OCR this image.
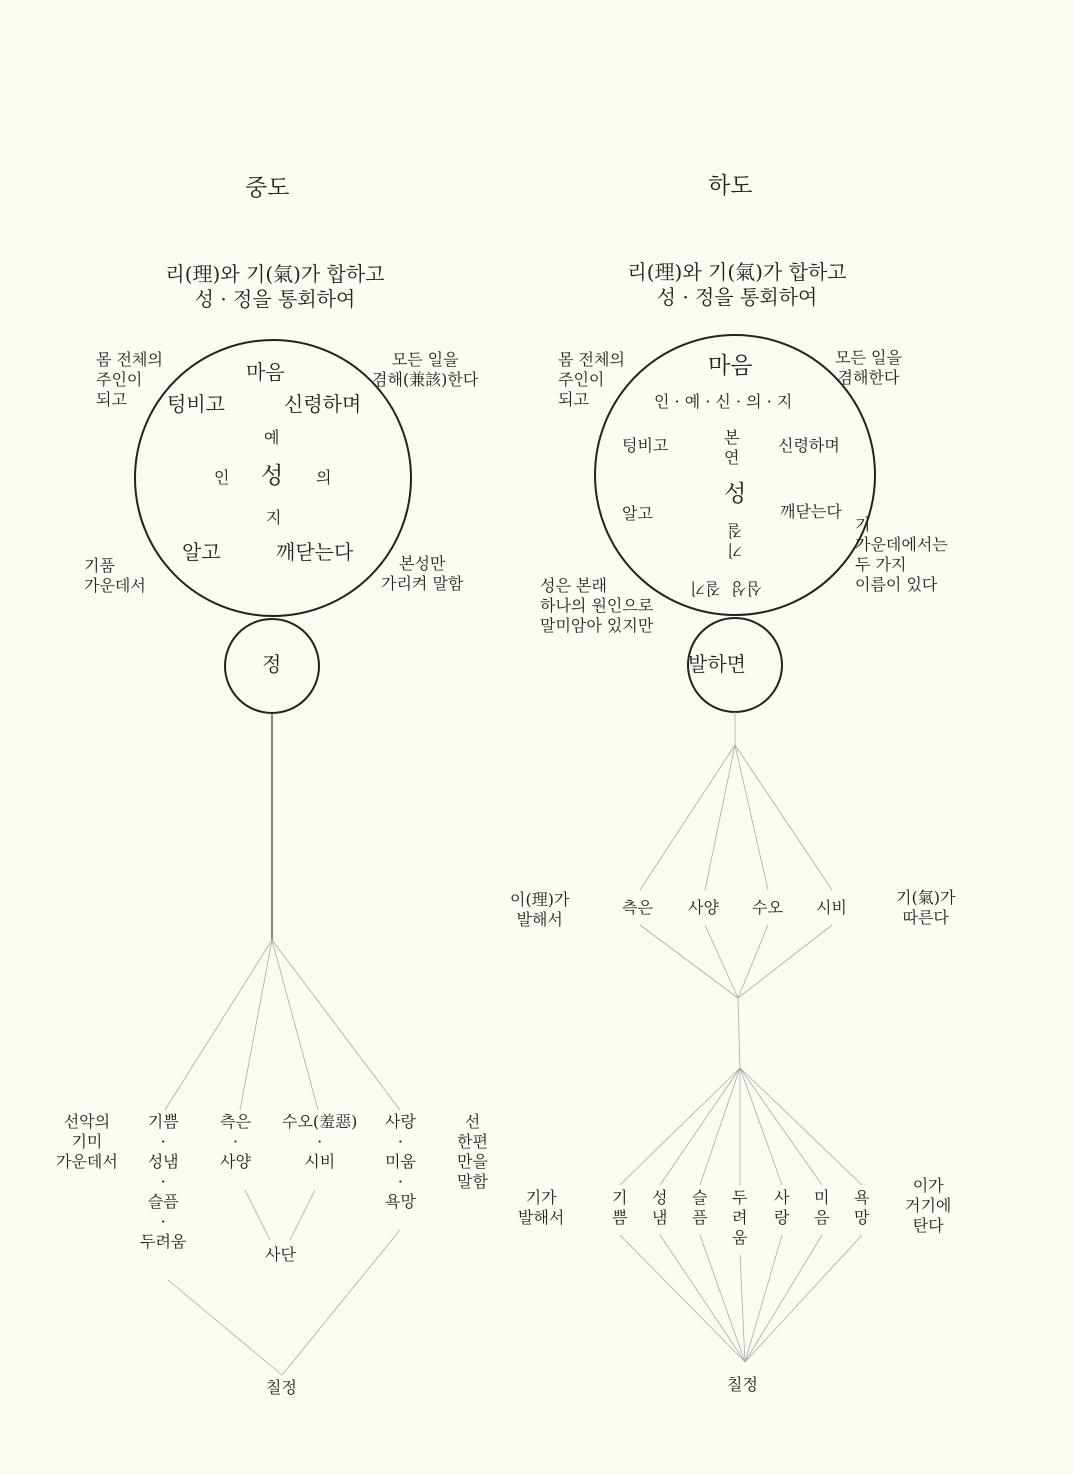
중도
리(理)와 기(氣)가 합하고
성 · 정을 통회하여
몸 전체의
주인이
되고
모든 일을
겸해(兼該)한다
마음
텅비고	신령하며
예
인 성 의
지
알고	깨닫는다
기품
가운데서
본성만
가리켜 말함
정
선악의
기미
가운데서
기쁨
·
성냄
·
슬픔
·
두려움
측은
·
사양
수오(羞惡)
·
시비
사랑
·
미움
·
욕망
선
한편
만을
말함
사단
칠정
하도
리(理)와 기(氣)가 합하고
성 · 정을 통회하여
몸 전체의
주인이
되고
모든 일을
겸해한다
마음
인 · 예 · 신 · 의 · 지
텅비고	본
연
신령하며
성
알고	깨닫는다
기
질
심성  질기
기
가운데에서는
두 가지
이름이 있다
성은 본래
하나의 원인으로
말미암아 있지만
발하면
이(理)가
발해서
측은 사양 수오 시비
기(氣)가
따른다
기가
발해서
기
쁨
성
냄
슬
픔
두
려
움
사
랑
미
음
욕
망
이가
거기에
탄다
칠정
